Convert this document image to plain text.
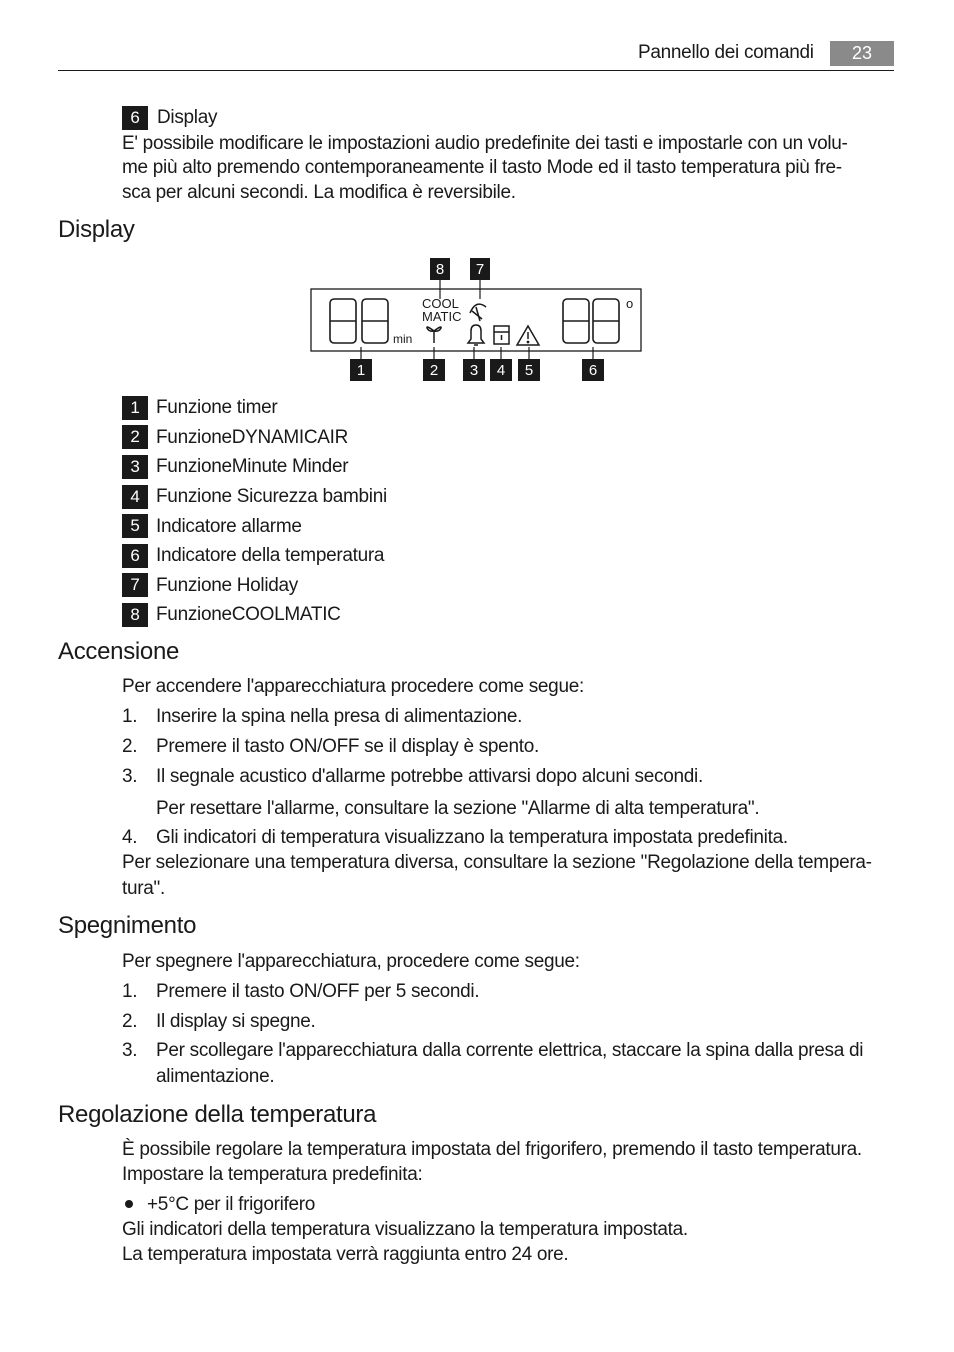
Pannello dei comandi	23
6 Display
E' possibile modificare le impostazioni audio predefinite dei tasti e impostarle con un volu-
me più alto premendo contemporaneamente il tasto Mode ed il tasto temperatura più fre-
sca per alcuni secondi. La modifica è reversibile.
Display
8 7
min
COOL
MATIC
o
1	2 3 4 5	6
1 Funzione timer
2 FunzioneDYNAMICAIR
3 FunzioneMinute Minder
4 Funzione Sicurezza bambini
5 Indicatore allarme
6 Indicatore della temperatura
7 Funzione Holiday
8 FunzioneCOOLMATIC
Accensione
Per accendere l'apparecchiatura procedere come segue:
1. Inserire la spina nella presa di alimentazione.
2. Premere il tasto ON/OFF se il display è spento.
3. Il segnale acustico d'allarme potrebbe attivarsi dopo alcuni secondi.
Per resettare l'allarme, consultare la sezione "Allarme di alta temperatura".
4. Gli indicatori di temperatura visualizzano la temperatura impostata predefinita.
Per selezionare una temperatura diversa, consultare la sezione "Regolazione della tempera-
tura".
Spegnimento
Per spegnere l'apparecchiatura, procedere come segue:
1. Premere il tasto ON/OFF per 5 secondi.
2. Il display si spegne.
3. Per scollegare l'apparecchiatura dalla corrente elettrica, staccare la spina dalla presa di
alimentazione.
Regolazione della temperatura
È possibile regolare la temperatura impostata del frigorifero, premendo il tasto temperatura.
Impostare la temperatura predefinita:
+5°C per il frigorifero
Gli indicatori della temperatura visualizzano la temperatura impostata.
La temperatura impostata verrà raggiunta entro 24 ore.
